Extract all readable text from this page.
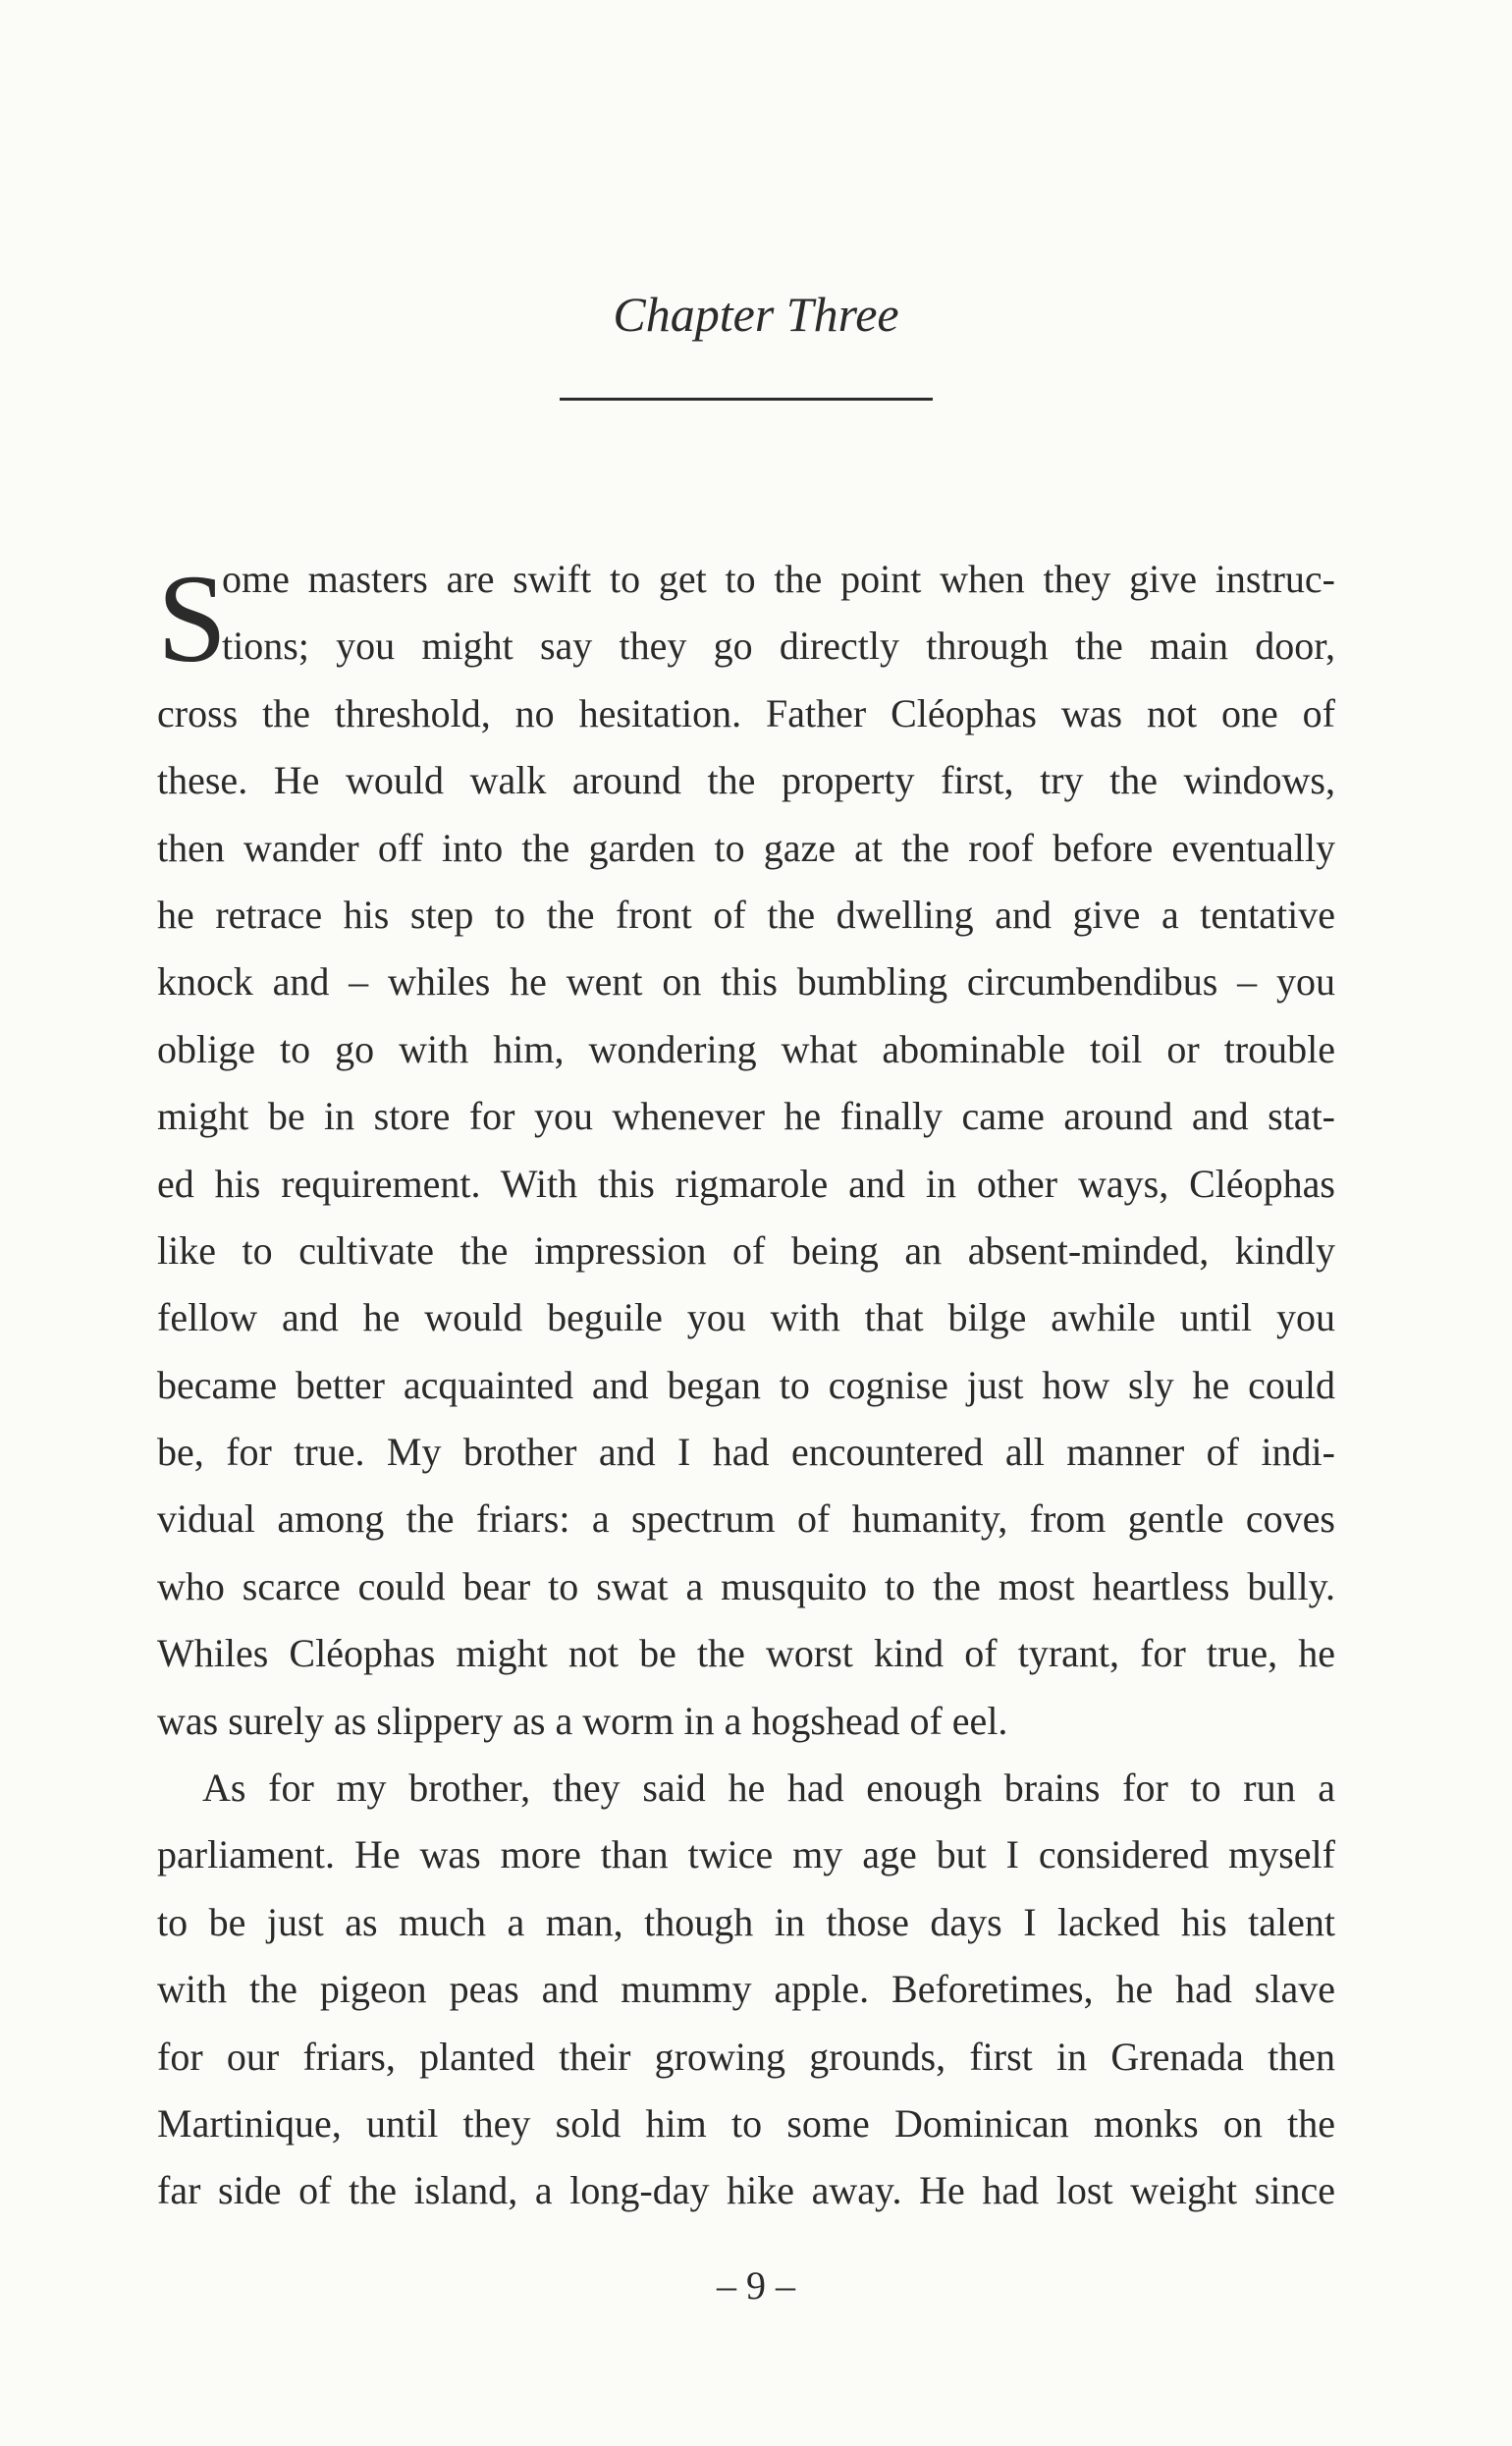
Chapter Three
S
ome masters are swift to get to the point when they give instruc-
tions; you might say they go directly through the main door,
cross the threshold, no hesitation. Father Cléophas was not one of
these. He would walk around the property first, try the windows,
then wander off into the garden to gaze at the roof before eventually
he retrace his step to the front of the dwelling and give a tentative
knock and – whiles he went on this bumbling circumbendibus – you
oblige to go with him, wondering what abominable toil or trouble
might be in store for you whenever he finally came around and stat-
ed his requirement. With this rigmarole and in other ways, Cléophas
like to cultivate the impression of being an absent-minded, kindly
fellow and he would beguile you with that bilge awhile until you
became better acquainted and began to cognise just how sly he could
be, for true. My brother and I had encountered all manner of indi-
vidual among the friars: a spectrum of humanity, from gentle coves
who scarce could bear to swat a musquito to the most heartless bully.
Whiles Cléophas might not be the worst kind of tyrant, for true, he
was surely as slippery as a worm in a hogshead of eel.
As for my brother, they said he had enough brains for to run a
parliament. He was more than twice my age but I considered myself
to be just as much a man, though in those days I lacked his talent
with the pigeon peas and mummy apple. Beforetimes, he had slave
for our friars, planted their growing grounds, first in Grenada then
Martinique, until they sold him to some Dominican monks on the
far side of the island, a long-day hike away. He had lost weight since

– 9 –
